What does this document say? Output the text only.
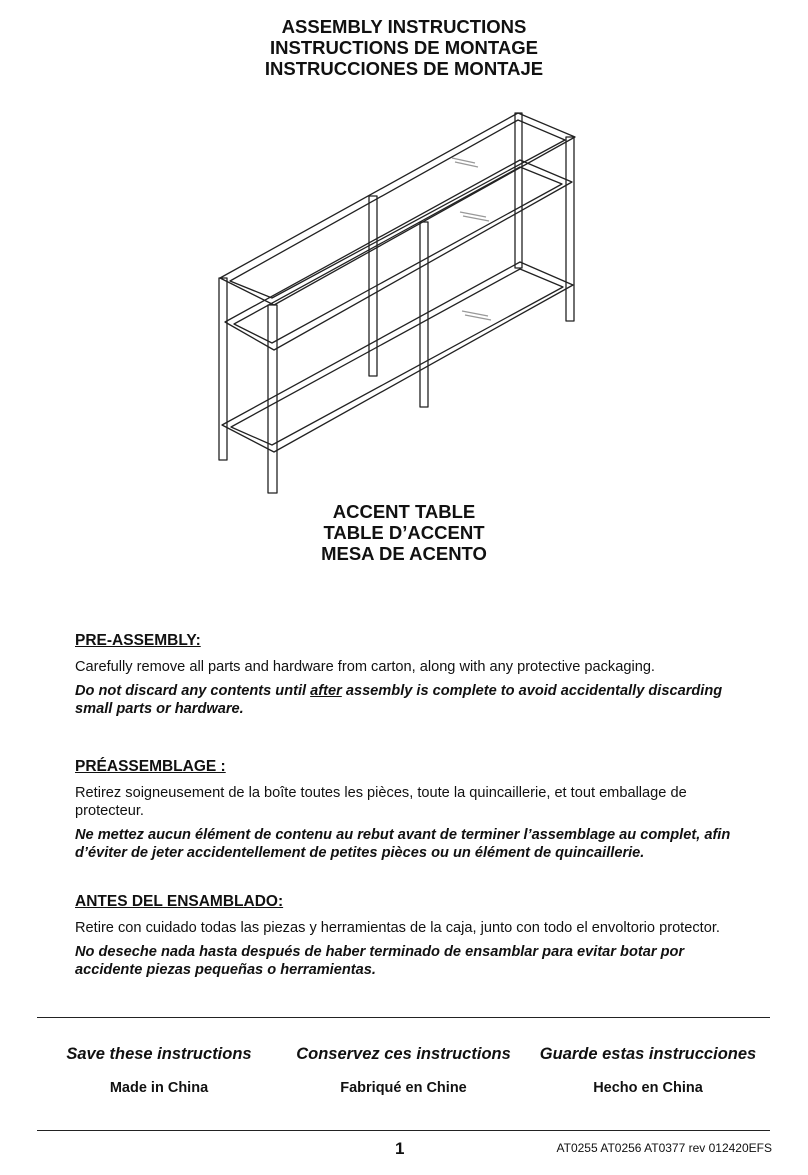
ASSEMBLY INSTRUCTIONS
INSTRUCTIONS DE MONTAGE
INSTRUCCIONES DE MONTAJE
ACCENT TABLE
TABLE D’ACCENT
MESA DE ACENTO
PRE-ASSEMBLY:

Carefully remove all parts and hardware from carton, along with any protective packaging.

Do not discard any contents until after assembly is complete to avoid accidentally discarding small parts or hardware.

PRÉASSEMBLAGE :

Retirez soigneusement de la boîte toutes les pièces, toute la quincaillerie, et tout emballage de protecteur.

Ne mettez aucun élément de contenu au rebut avant de terminer l’assemblage au complet, afin d’éviter de jeter accidentellement de petites pièces ou un élément de quincaillerie.

ANTES DEL ENSAMBLADO:

Retire con cuidado todas las piezas y herramientas de la caja, junto con todo el envoltorio protector.

No deseche nada hasta después de haber terminado de ensamblar para evitar botar por accidente piezas pequeñas o herramientas.

Save these instructions	Conservez ces instructions	Guarde estas instrucciones
Made in China	Fabriqué en Chine	Hecho en China
1	AT0255 AT0256 AT0377 rev 012420EFS
